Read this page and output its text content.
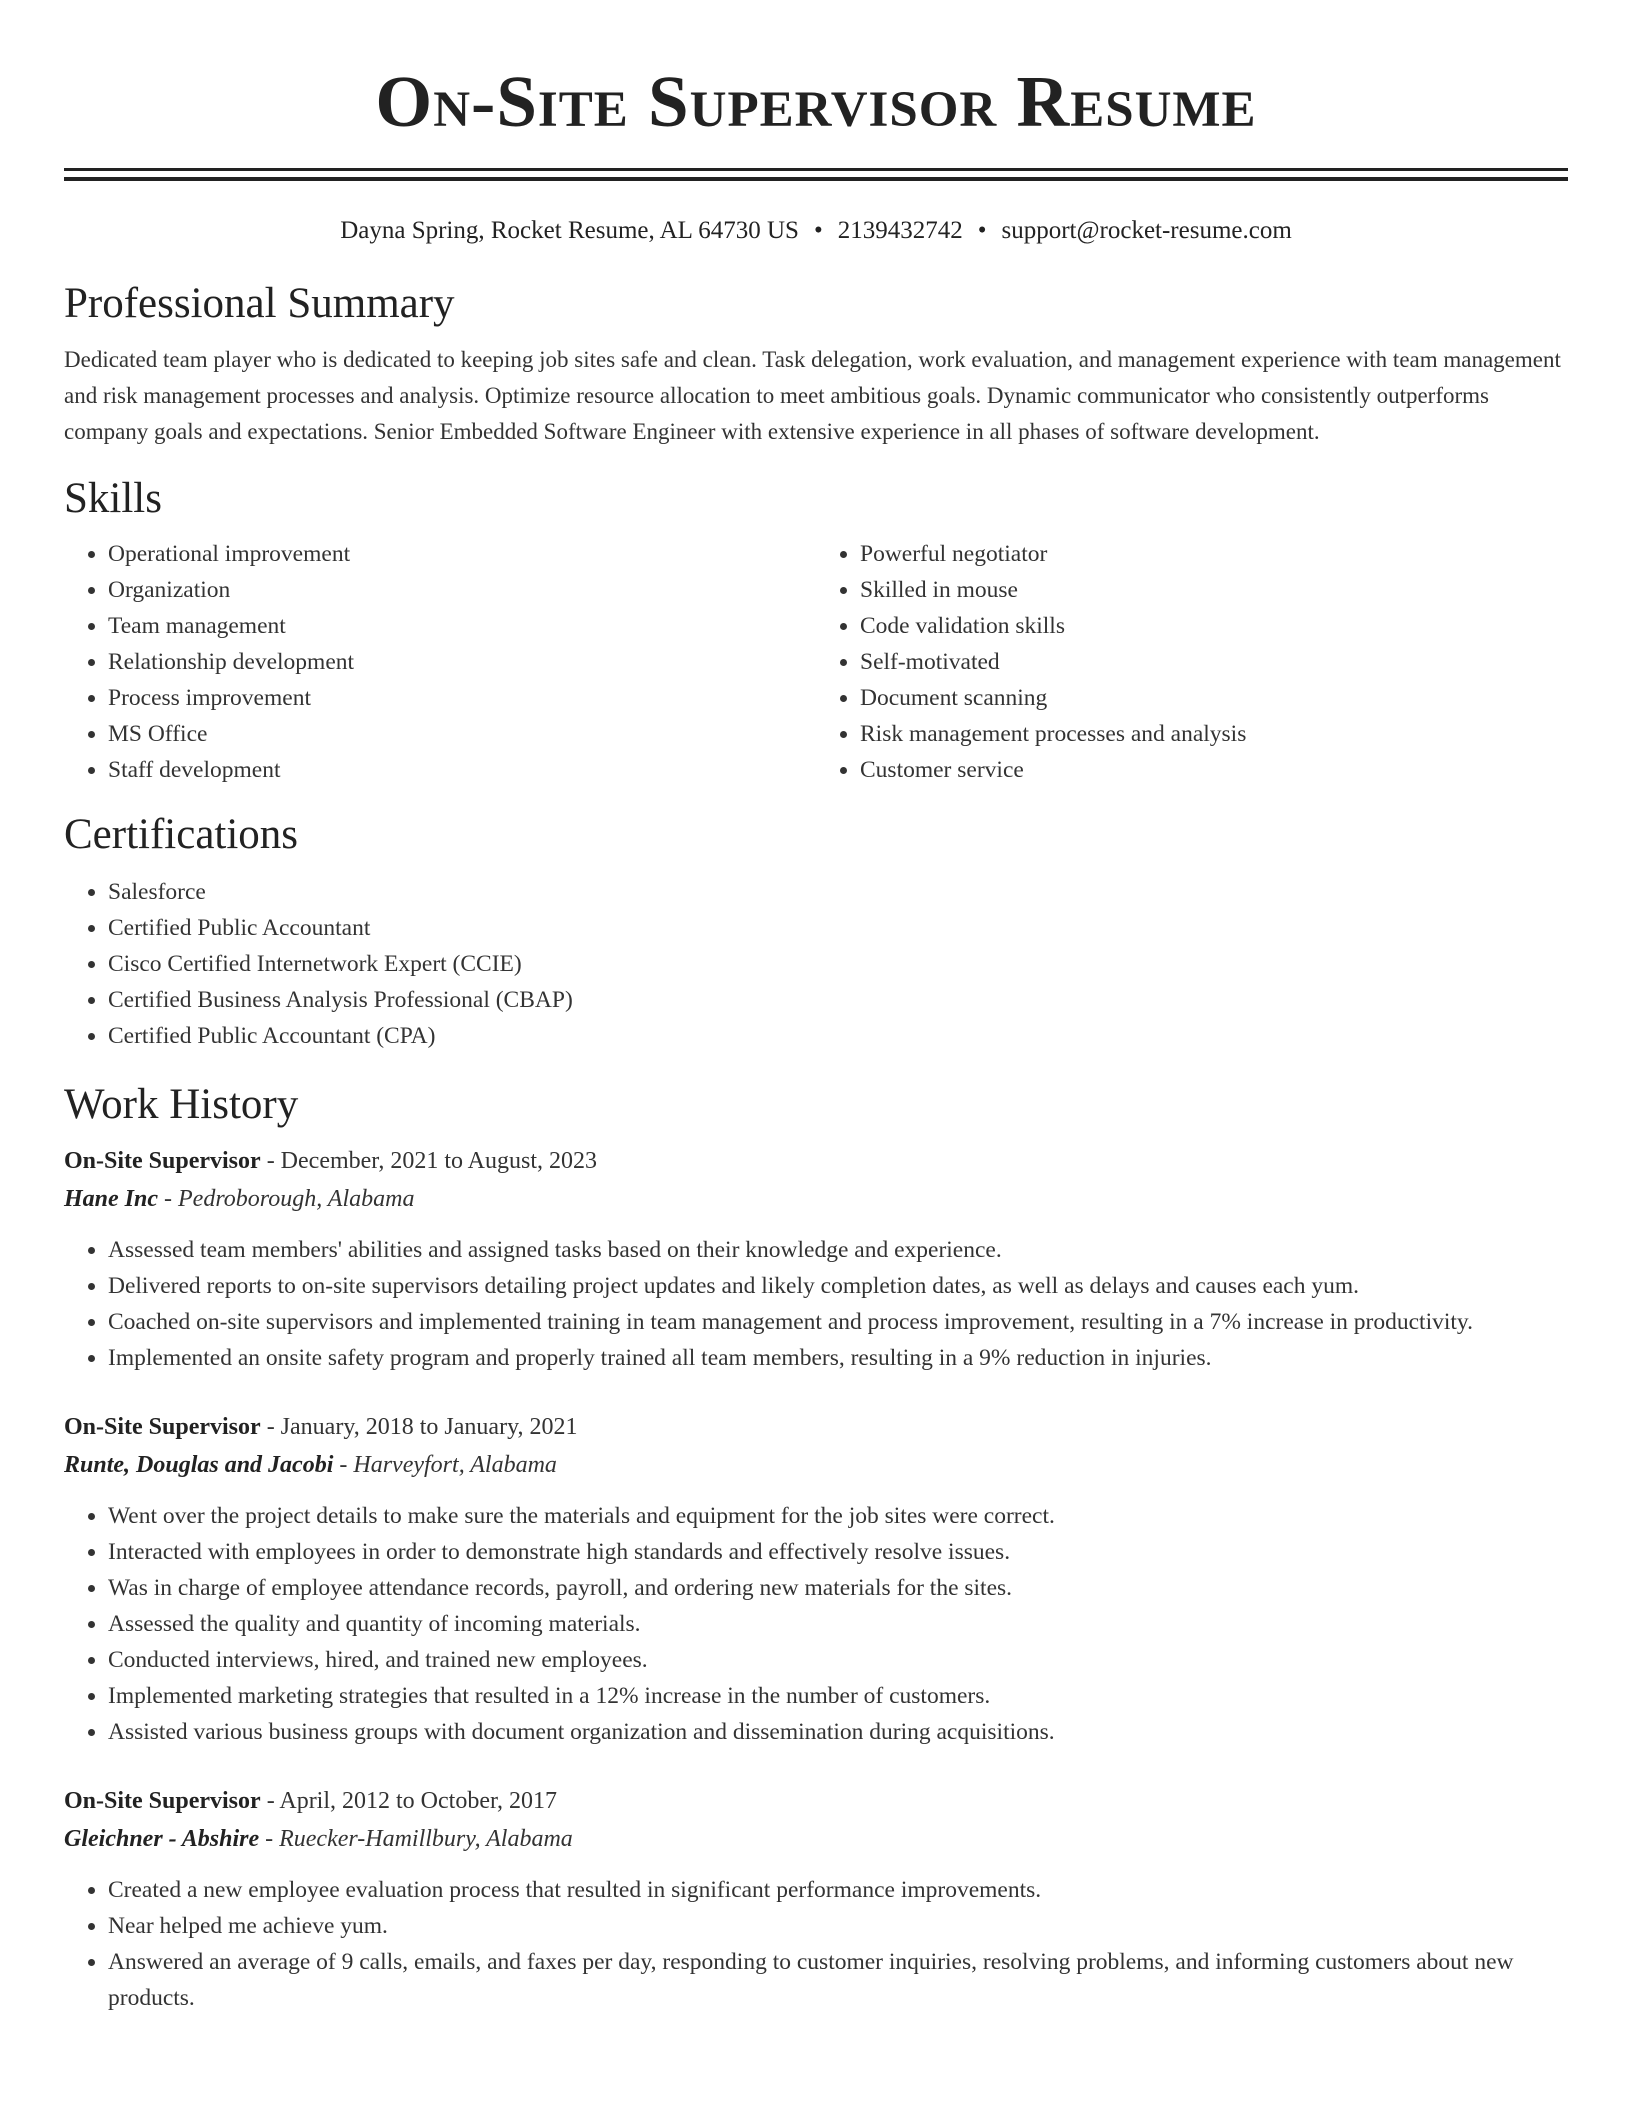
On-Site Supervisor Resume
Dayna Spring, Rocket Resume, AL 64730 US • 2139432742 • support@rocket-resume.com
Professional Summary

Dedicated team player who is dedicated to keeping job sites safe and clean. Task delegation, work evaluation, and management experience with team management and risk management processes and analysis. Optimize resource allocation to meet ambitious goals. Dynamic communicator who consistently outperforms company goals and expectations. Senior Embedded Software Engineer with extensive experience in all phases of software development.

Skills
• Operational improvement
• Organization
• Team management
• Relationship development
• Process improvement
• MS Office
• Staff development
• Powerful negotiator
• Skilled in mouse
• Code validation skills
• Self-motivated
• Document scanning
• Risk management processes and analysis
• Customer service
Certifications
• Salesforce
• Certified Public Accountant
• Cisco Certified Internetwork Expert (CCIE)
• Certified Business Analysis Professional (CBAP)
• Certified Public Accountant (CPA)
Work History
On-Site Supervisor - December, 2021 to August, 2023
Hane Inc - Pedroborough, Alabama
• Assessed team members' abilities and assigned tasks based on their knowledge and experience.
• Delivered reports to on-site supervisors detailing project updates and likely completion dates, as well as delays and causes each yum.
• Coached on-site supervisors and implemented training in team management and process improvement, resulting in a 7% increase in productivity.
• Implemented an onsite safety program and properly trained all team members, resulting in a 9% reduction in injuries.
On-Site Supervisor - January, 2018 to January, 2021
Runte, Douglas and Jacobi - Harveyfort, Alabama
• Went over the project details to make sure the materials and equipment for the job sites were correct.
• Interacted with employees in order to demonstrate high standards and effectively resolve issues.
• Was in charge of employee attendance records, payroll, and ordering new materials for the sites.
• Assessed the quality and quantity of incoming materials.
• Conducted interviews, hired, and trained new employees.
• Implemented marketing strategies that resulted in a 12% increase in the number of customers.
• Assisted various business groups with document organization and dissemination during acquisitions.
On-Site Supervisor - April, 2012 to October, 2017
Gleichner - Abshire - Ruecker-Hamillbury, Alabama
• Created a new employee evaluation process that resulted in significant performance improvements.
• Near helped me achieve yum.
• Answered an average of 9 calls, emails, and faxes per day, responding to customer inquiries, resolving problems, and informing customers about new products.
